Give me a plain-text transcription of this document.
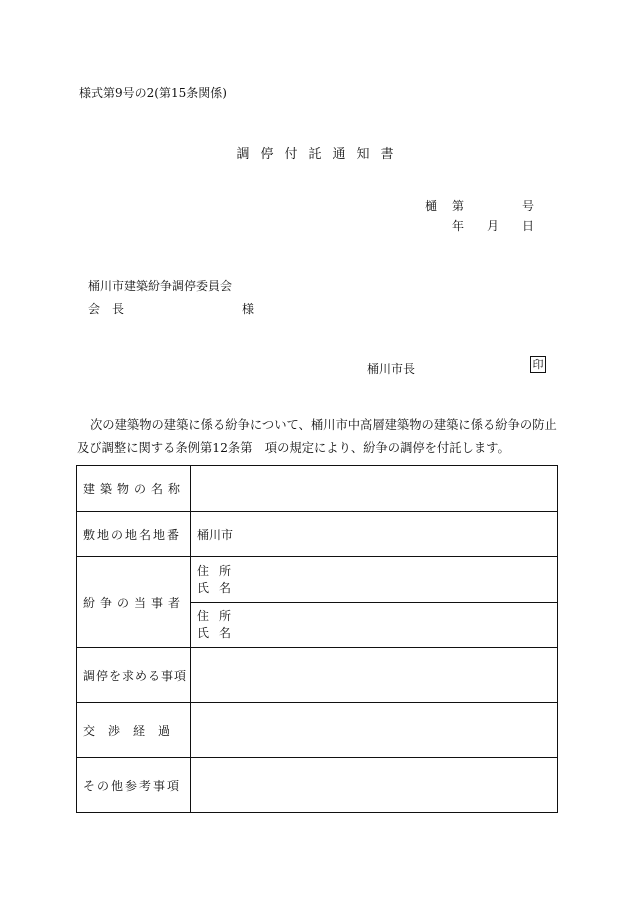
様式第9号の2(第15条関係)
調停付託通知書
樋 第	号
年 月 日
桶川市建築紛争調停委員会
会長	様
桶川市長	印
次の建築物の建築に係る紛争について、桶川市中高層建築物の建築に係る紛争の防止及び調整に関する条例第12条第　項の規定により、紛争の調停を付託します。
建築物の名称	
敷地の地名地番	桶川市
紛争の当事者	住所
氏名

	住所
氏名

調停を求める事項	
交渉経過	
その他参考事項	
